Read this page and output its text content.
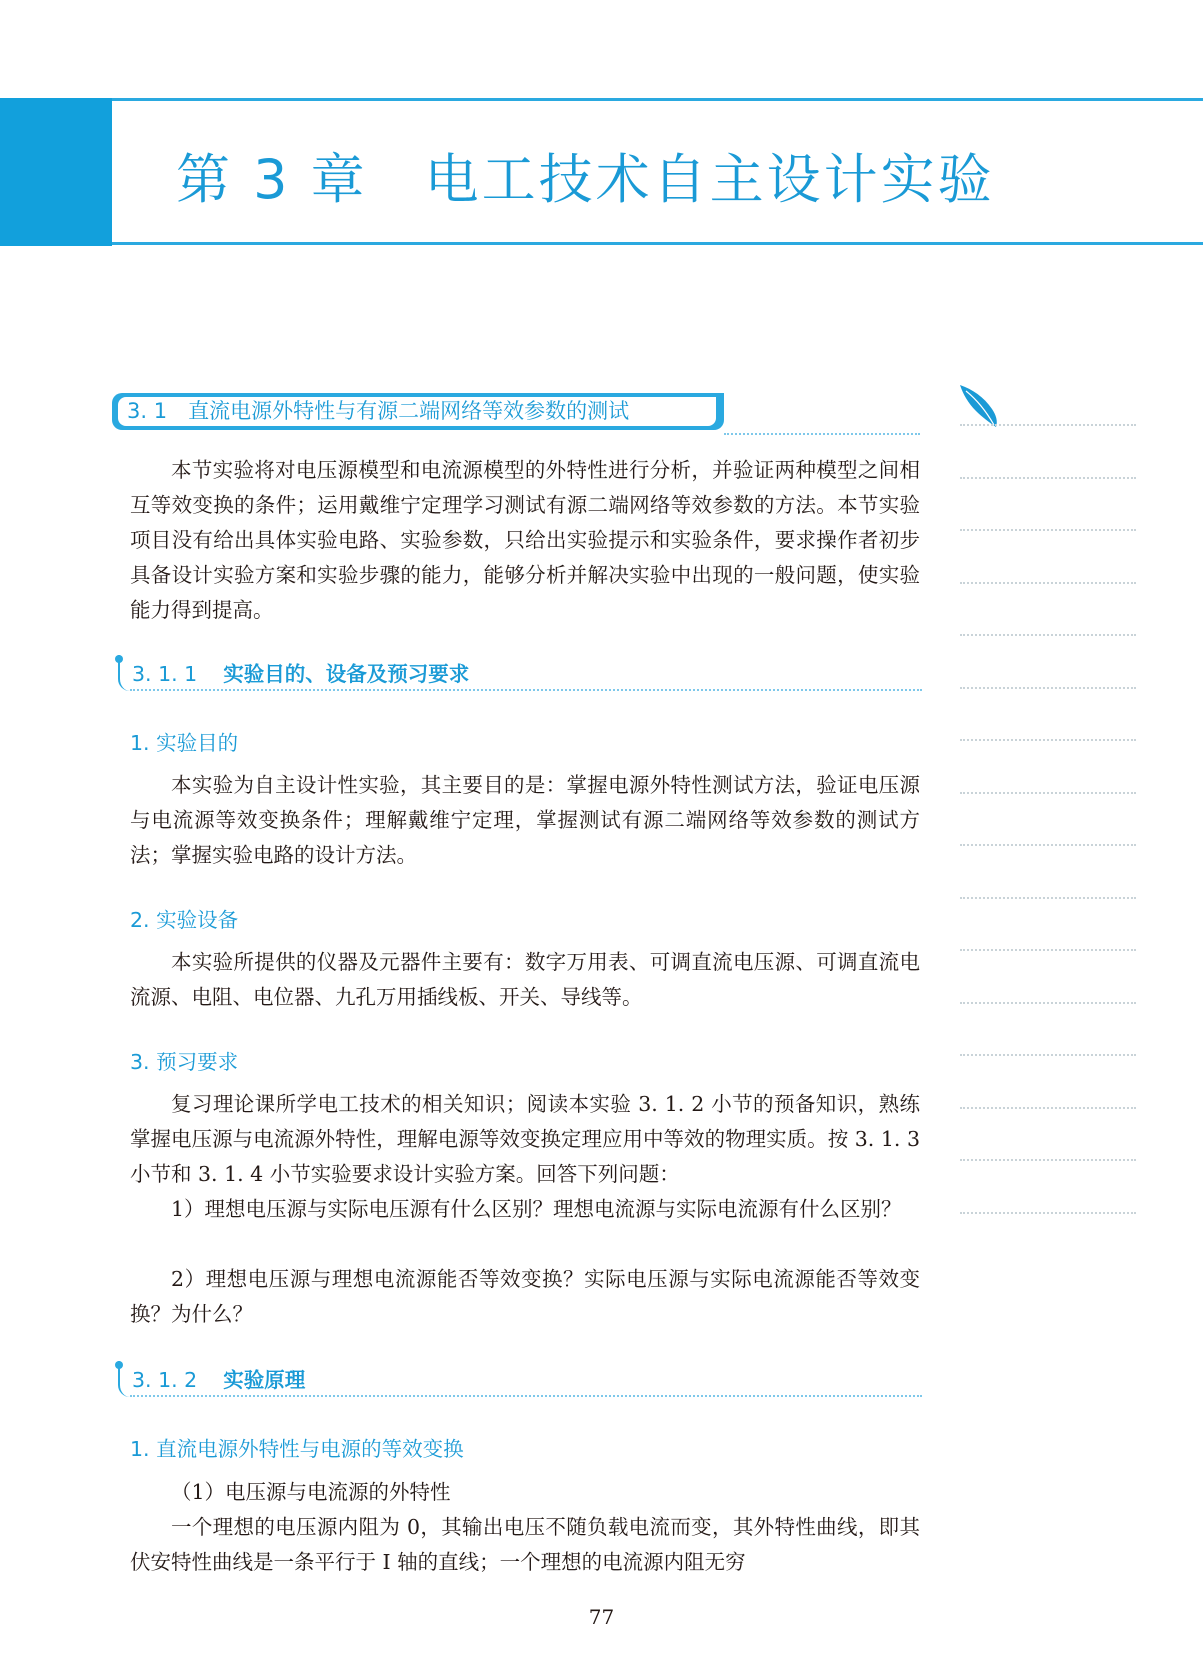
第 3 章　电工技术自主设计实验
3. 1　直流电源外特性与有源二端网络等效参数的测试

本节实验将对电压源模型和电流源模型的外特性进行分析，并验证两种模型之间相互等效变换的条件；运用戴维宁定理学习测试有源二端网络等效参数的方法。本节实验项目没有给出具体实验电路、实验参数，只给出实验提示和实验条件，要求操作者初步具备设计实验方案和实验步骤的能力，能够分析并解决实验中出现的一般问题，使实验能力得到提高。

3. 1. 1 实验目的、设备及预习要求
1. 实验目的

本实验为自主设计性实验，其主要目的是：掌握电源外特性测试方法，验证电压源与电流源等效变换条件；理解戴维宁定理，掌握测试有源二端网络等效参数的测试方法；掌握实验电路的设计方法。

2. 实验设备

本实验所提供的仪器及元器件主要有：数字万用表、可调直流电压源、可调直流电流源、电阻、电位器、九孔万用插线板、开关、导线等。

3. 预习要求

复习理论课所学电工技术的相关知识；阅读本实验 3. 1. 2 小节的预备知识，熟练掌握电压源与电流源外特性，理解电源等效变换定理应用中等效的物理实质。按 3. 1. 3 小节和 3. 1. 4 小节实验要求设计实验方案。回答下列问题：

1）理想电压源与实际电压源有什么区别？理想电流源与实际电流源有什么区别？

2）理想电压源与理想电流源能否等效变换？实际电压源与实际电流源能否等效变换？为什么？

3. 1. 2 实验原理
1. 直流电源外特性与电源的等效变换

（1）电压源与电流源的外特性

一个理想的电压源内阻为 0，其输出电压不随负载电流而变，其外特性曲线，即其伏安特性曲线是一条平行于 I 轴的直线；一个理想的电流源内阻无穷

77
